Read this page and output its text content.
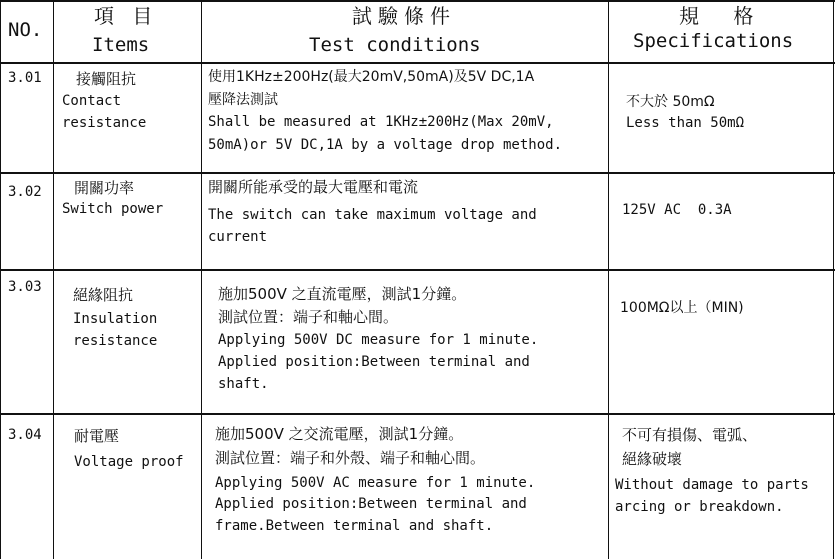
NO.
項 目
Items
試驗條件
Test conditions
規 格
Specifications
3.01 接觸阻抗
Contact
resistance
使用1KHz±200Hz(最大20mV,50mA)及5V DC,1A
壓降法測試
Shall be measured at 1KHz±200Hz(Max 20mV,
50mA)or 5V DC,1A by a voltage drop method.
不大於 50mΩ
Less than 50mΩ
3.02 開關功率
Switch power
開關所能承受的最大電壓和電流
The switch can take maximum voltage and
current
125V AC  0.3A
3.03 絕緣阻抗
Insulation
resistance
施加500V 之直流電壓，測試1分鐘。
測試位置：端子和軸心間。
Applying 500V DC measure for 1 minute.
Applied position:Between terminal and
shaft.
100MΩ以上（MIN)
3.04 耐電壓
Voltage proof
施加500V 之交流電壓，測試1分鐘。
測試位置：端子和外殼、端子和軸心間。
Applying 500V AC measure for 1 minute.
Applied position:Between terminal and
frame.Between terminal and shaft.
不可有損傷、電弧、
絕緣破壞
Without damage to parts
arcing or breakdown.
